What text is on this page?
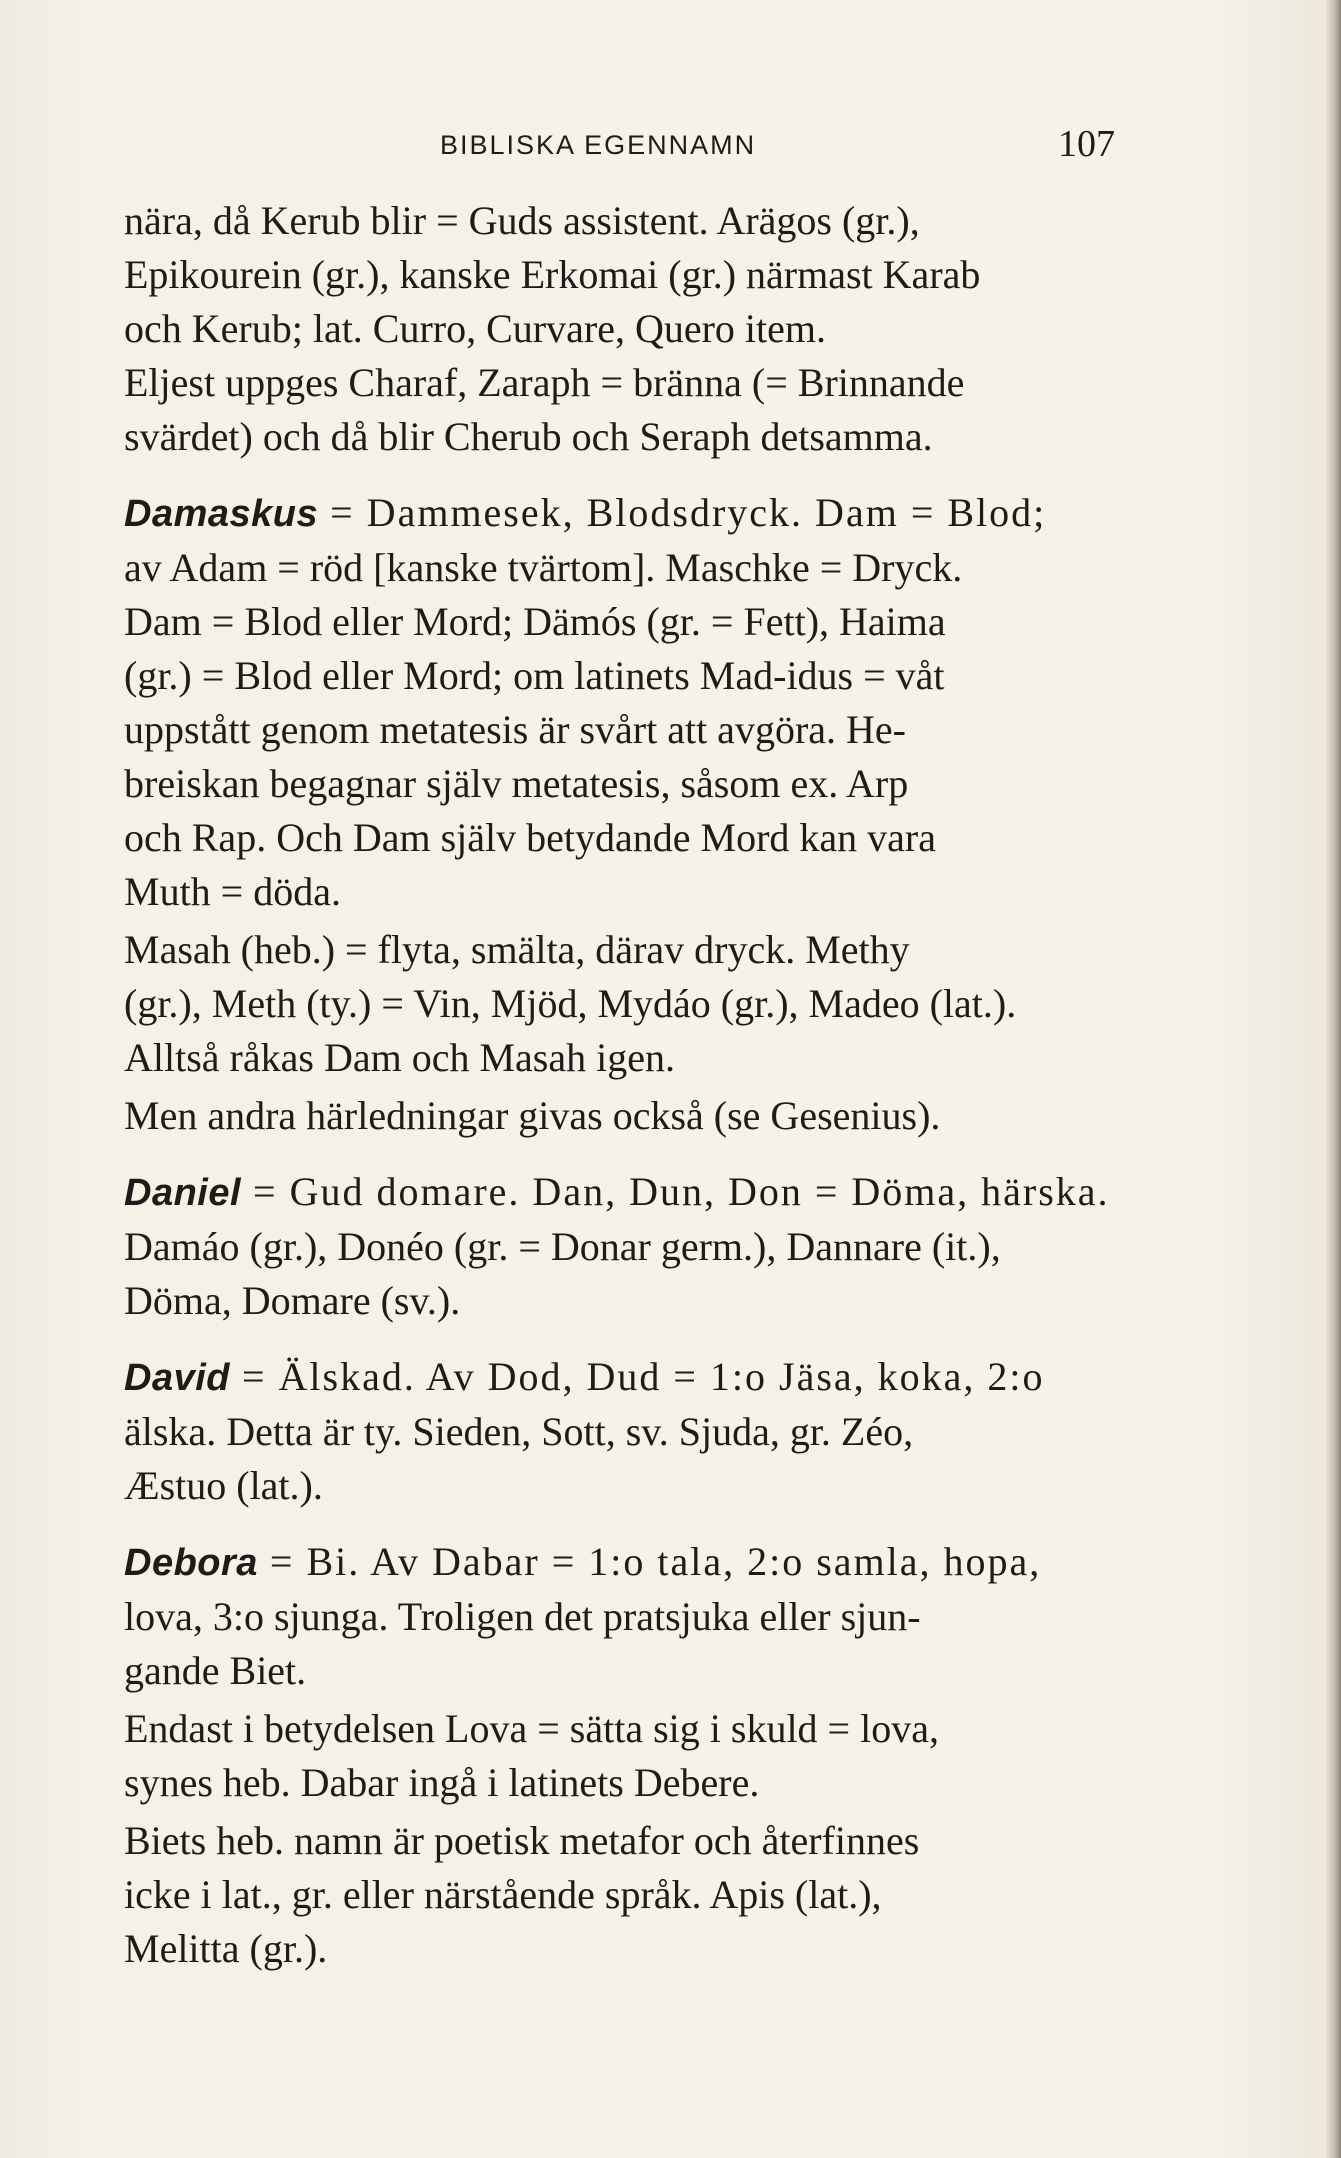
BIBLISKA EGENNAMN	107
nära, då Kerub blir = Guds assistent. Arägos (gr.),
Epikourein (gr.), kanske Erkomai (gr.) närmast Karab
och Kerub; lat. Curro, Curvare, Quero item.
Eljest uppges Charaf, Zaraph = bränna (= Brinnande
svärdet) och då blir Cherub och Seraph detsamma.
Damaskus = Dammesek, Blodsdryck. Dam = Blod;
av Adam = röd [kanske tvärtom]. Maschke = Dryck.
Dam = Blod eller Mord; Dämós (gr. = Fett), Haima
(gr.) = Blod eller Mord; om latinets Mad-idus = våt
uppstått genom metatesis är svårt att avgöra. He-
breiskan begagnar själv metatesis, såsom ex. Arp
och Rap. Och Dam själv betydande Mord kan vara
Muth = döda.
Masah (heb.) = flyta, smälta, därav dryck. Methy
(gr.), Meth (ty.) = Vin, Mjöd, Mydáo (gr.), Madeo (lat.).
Alltså råkas Dam och Masah igen.
Men andra härledningar givas också (se Gesenius).
Daniel = Gud domare. Dan, Dun, Don = Döma, härska.
Damáo (gr.), Donéo (gr. = Donar germ.), Dannare (it.),
Döma, Domare (sv.).
David = Älskad. Av Dod, Dud = 1:o Jäsa, koka, 2:o
älska. Detta är ty. Sieden, Sott, sv. Sjuda, gr. Zéo,
Æstuo (lat.).
Debora = Bi. Av Dabar = 1:o tala, 2:o samla, hopa,
lova, 3:o sjunga. Troligen det pratsjuka eller sjun-
gande Biet.
Endast i betydelsen Lova = sätta sig i skuld = lova,
synes heb. Dabar ingå i latinets Debere.
Biets heb. namn är poetisk metafor och återfinnes
icke i lat., gr. eller närstående språk. Apis (lat.),
Melitta (gr.).
